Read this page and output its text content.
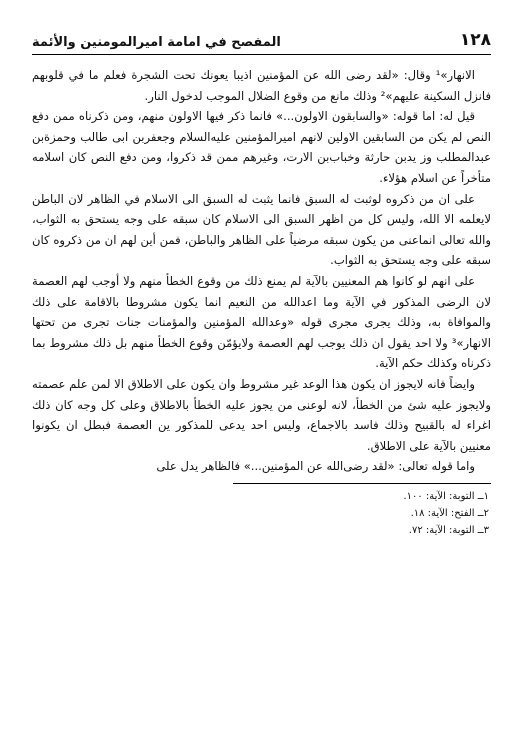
١٢٨
المفصح في امامة اميرالمومنين والأئمة

الانهار»¹ وقال: «لقد رضى الله عن المؤمنين اذيبا يعونك تحت الشجرة فعلم ما في قلوبهم فانزل السكينة عليهم»² وذلك مانع من وقوع الضلال الموجب لدخول النار.

قيل له: اما قوله: «والسابقون الاولون...» فانما ذكر فيها الاولون منهم، ومن ذكرناه ممن دفع النص لم يكن من السابقين الاولين لانهم اميرالمؤمنين عليه‌السلام وجعفربن ابى طالب وحمزةبن عبدالمطلب وز يدبن حارثة وخباب‌بن الارت، وغيرهم ممن قد ذكروا، ومن دفع النص كان اسلامه متأخراً عن اسلام هؤلاء.

على ان من ذكروه لوثبت له السبق فانما يثبت له السبق الى الاسلام في الظاهر لان الباطن لايعلمه الا الله، وليس كل من اظهر السبق الى الاسلام كان سبقه على وجه يستحق به الثواب، والله تعالى انماعنى من يكون سبقه مرضياً على الظاهر والباطن، فمن أين لهم ان من ذكروه كان سبقه على وجه يستحق به الثواب.

على انهم لو كانوا هم المعنيين بالآية لم يمنع ذلك من وقوع الخطأ منهم ولا أوجب لهم العصمة لان الرضى المذكور في الآية وما اعدالله من النعيم انما يكون مشروطا بالاقامة على ذلك والموافاة به، وذلك يجرى مجرى قوله «وعدالله المؤمنين والمؤمنات جنات تجرى من تحتها الانهار»³ ولا احد يقول ان ذلك يوجب لهم العصمة ولايؤمّن وقوع الخطأ منهم بل ذلك مشروط بما ذكرناه وكذلك حكم الآية.

وايضاً فانه لايجوز ان يكون هذا الوعد غير مشروط وان يكون على الاطلاق الا لمن علم عصمته ولايجوز عليه شئ من الخطأ، لانه لوعنى من يجوز عليه الخطأ بالاطلاق وعلى كل وجه كان ذلك اغراء له بالقبيح وذلك فاسد بالاجماع، وليس احد يدعى للمذكور ين العصمة فبطل ان يكونوا معنيين بالآية على الاطلاق.

واما قوله تعالى: «لقد رضى‌الله عن المؤمنين...» فالظاهر يدل على

١ــ التوبة: الآية: ١٠٠.

٢ــ الفتح: الآية: ١٨.

٣ــ التوبة: الآية: ٧٢.
